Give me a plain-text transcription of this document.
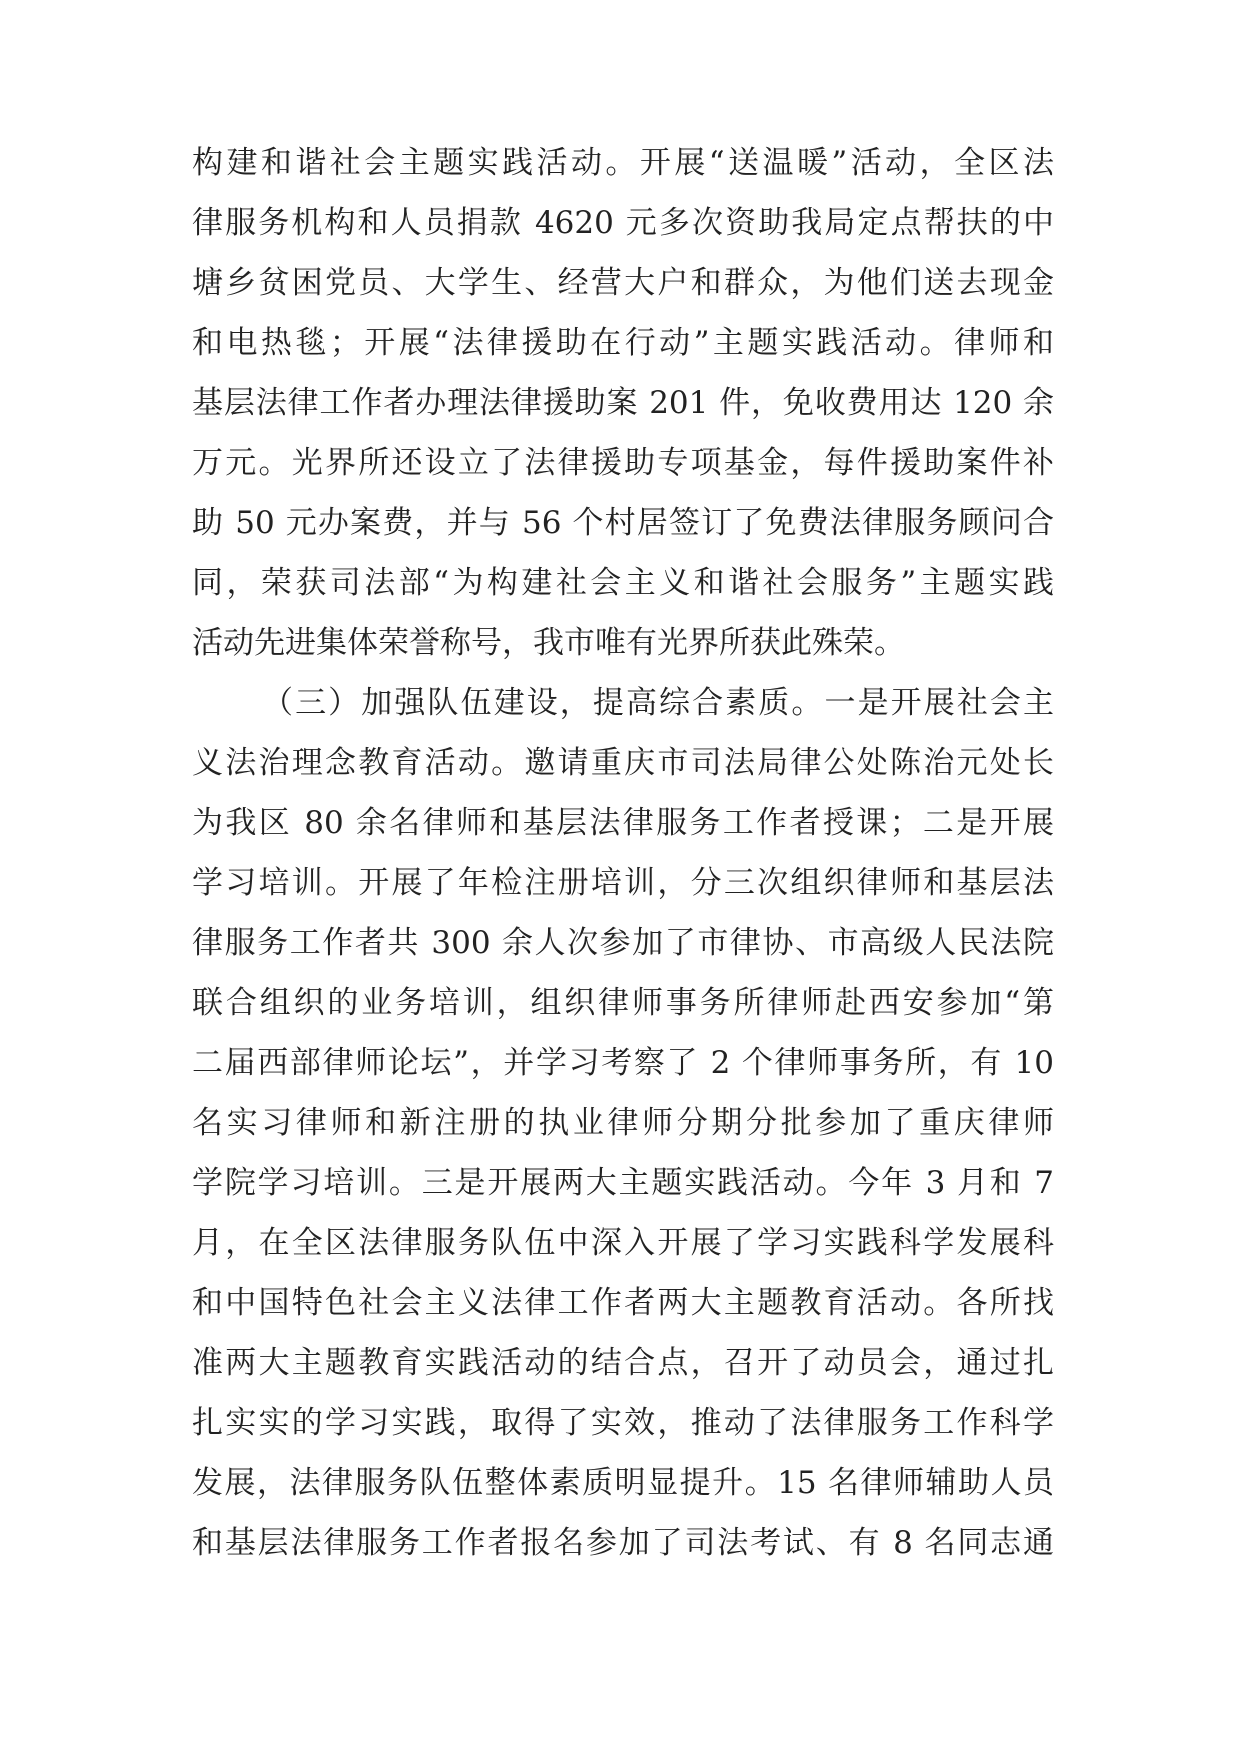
构建和谐社会主题实践活动。开展“送温暖”活动，全区法
律服务机构和人员捐款 4620 元多次资助我局定点帮扶的中
塘乡贫困党员、大学生、经营大户和群众，为他们送去现金
和电热毯；开展“法律援助在行动”主题实践活动。律师和
基层法律工作者办理法律援助案 201 件，免收费用达 120 余
万元。光界所还设立了法律援助专项基金，每件援助案件补
助 50 元办案费，并与 56 个村居签订了免费法律服务顾问合
同，荣获司法部“为构建社会主义和谐社会服务”主题实践
活动先进集体荣誉称号，我市唯有光界所获此殊荣。
（三）加强队伍建设，提高综合素质。一是开展社会主
义法治理念教育活动。邀请重庆市司法局律公处陈治元处长
为我区 80 余名律师和基层法律服务工作者授课；二是开展
学习培训。开展了年检注册培训，分三次组织律师和基层法
律服务工作者共 300 余人次参加了市律协、市高级人民法院
联合组织的业务培训，组织律师事务所律师赴西安参加“第
二届西部律师论坛”，并学习考察了 2 个律师事务所，有 10
名实习律师和新注册的执业律师分期分批参加了重庆律师
学院学习培训。三是开展两大主题实践活动。今年 3 月和 7
月，在全区法律服务队伍中深入开展了学习实践科学发展科
和中国特色社会主义法律工作者两大主题教育活动。各所找
准两大主题教育实践活动的结合点，召开了动员会，通过扎
扎实实的学习实践，取得了实效，推动了法律服务工作科学
发展，法律服务队伍整体素质明显提升。15 名律师辅助人员
和基层法律服务工作者报名参加了司法考试、有 8 名同志通
